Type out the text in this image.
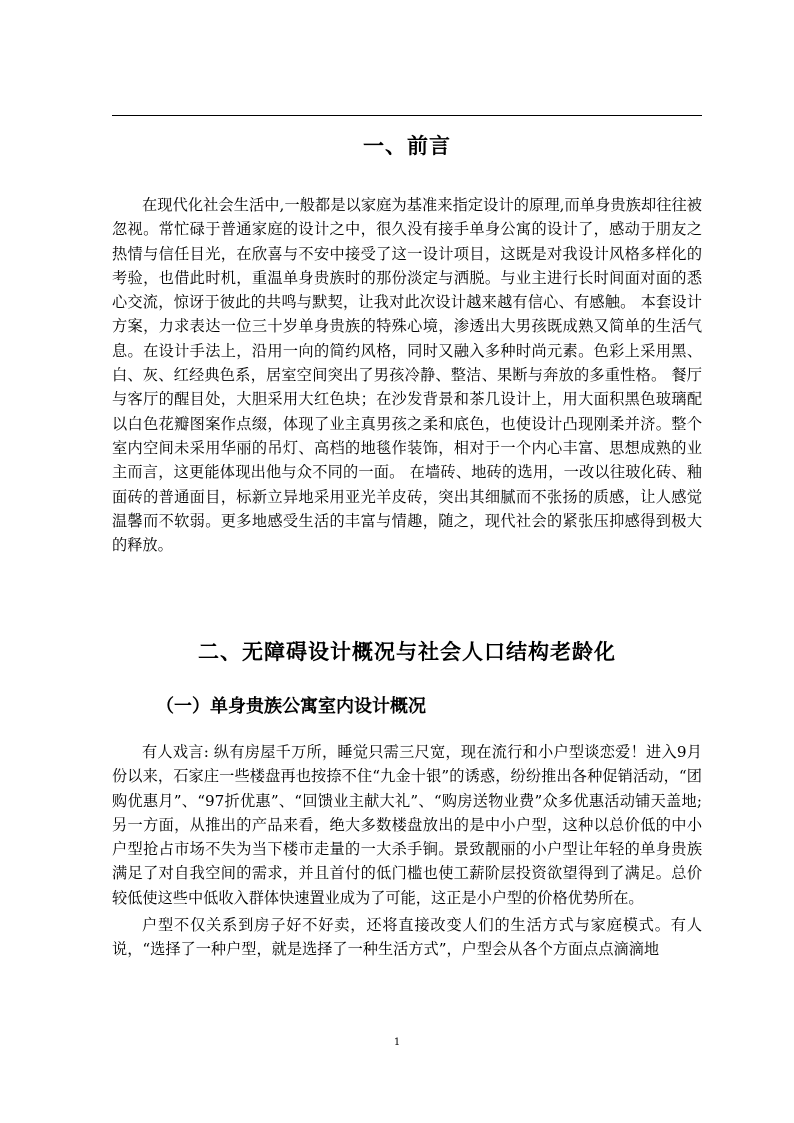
一、前言

在现代化社会生活中,一般都是以家庭为基准来指定设计的原理,而单身贵族却往往被忽视。常忙碌于普通家庭的设计之中，很久没有接手单身公寓的设计了，感动于朋友之热情与信任目光，在欣喜与不安中接受了这一设计项目，这既是对我设计风格多样化的考验，也借此时机，重温单身贵族时的那份淡定与洒脱。与业主进行长时间面对面的悉心交流，惊讶于彼此的共鸣与默契，让我对此次设计越来越有信心、有感触。 本套设计方案，力求表达一位三十岁单身贵族的特殊心境，渗透出大男孩既成熟又简单的生活气息。在设计手法上，沿用一向的简约风格，同时又融入多种时尚元素。色彩上采用黑、白、灰、红经典色系，居室空间突出了男孩冷静、整洁、果断与奔放的多重性格。 餐厅与客厅的醒目处，大胆采用大红色块；在沙发背景和茶几设计上，用大面积黑色玻璃配以白色花瓣图案作点缀，体现了业主真男孩之柔和底色，也使设计凸现刚柔并济。整个室内空间未采用华丽的吊灯、高档的地毯作装饰，相对于一个内心丰富、思想成熟的业主而言，这更能体现出他与众不同的一面。 在墙砖、地砖的选用，一改以往玻化砖、釉面砖的普通面目，标新立异地采用亚光羊皮砖，突出其细腻而不张扬的质感，让人感觉温馨而不软弱。更多地感受生活的丰富与情趣，随之，现代社会的紧张压抑感得到极大的释放。

二、无障碍设计概况与社会人口结构老龄化
（一）单身贵族公寓室内设计概况

有人戏言: 纵有房屋千万所，睡觉只需三尺宽，现在流行和小户型谈恋爱！进入9月份以来，石家庄一些楼盘再也按捺不住“九金十银”的诱惑，纷纷推出各种促销活动，“团购优惠月”、“97折优惠”、“回馈业主献大礼”、“购房送物业费”众多优惠活动铺天盖地; 另一方面，从推出的产品来看，绝大多数楼盘放出的是中小户型，这种以总价低的中小户型抢占市场不失为当下楼市走量的一大杀手锏。景致靓丽的小户型让年轻的单身贵族满足了对自我空间的需求，并且首付的低门槛也使工薪阶层投资欲望得到了满足。总价较低使这些中低收入群体快速置业成为了可能，这正是小户型的价格优势所在。

户型不仅关系到房子好不好卖，还将直接改变人们的生活方式与家庭模式。有人说，“选择了一种户型，就是选择了一种生活方式”，户型会从各个方面点点滴滴地

1
